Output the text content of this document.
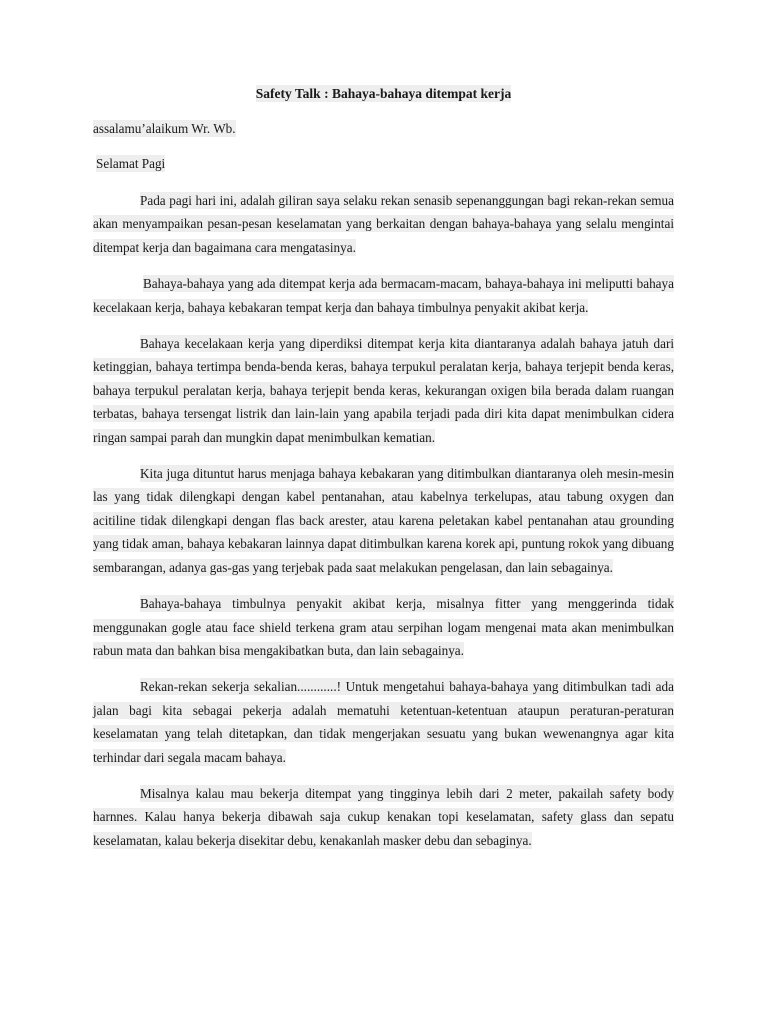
Safety Talk : Bahaya-bahaya ditempat kerja
assalamu’alaikum Wr. Wb.
Selamat Pagi

Pada pagi hari ini, adalah giliran saya selaku rekan senasib sepenanggungan bagi rekan-rekan semua akan menyampaikan pesan-pesan keselamatan yang berkaitan dengan bahaya-bahaya yang selalu mengintai ditempat kerja dan bagaimana cara mengatasinya.

Bahaya-bahaya yang ada ditempat kerja ada bermacam-macam, bahaya-bahaya ini meliputti bahaya kecelakaan kerja, bahaya kebakaran tempat kerja dan bahaya timbulnya penyakit akibat kerja.

Bahaya kecelakaan kerja yang diperdiksi ditempat kerja kita diantaranya adalah bahaya jatuh dari ketinggian, bahaya tertimpa benda-benda keras, bahaya terpukul peralatan kerja, bahaya terjepit benda keras, bahaya terpukul peralatan kerja, bahaya terjepit benda keras, kekurangan oxigen bila berada dalam ruangan terbatas, bahaya tersengat listrik dan lain-lain yang apabila terjadi pada diri kita dapat menimbulkan cidera ringan sampai parah dan mungkin dapat menimbulkan kematian.

Kita juga dituntut harus menjaga bahaya kebakaran yang ditimbulkan diantaranya oleh mesin-mesin las yang tidak dilengkapi dengan kabel pentanahan, atau kabelnya terkelupas, atau tabung oxygen dan acitiline tidak dilengkapi dengan flas back arester, atau karena peletakan kabel pentanahan atau grounding yang tidak aman, bahaya kebakaran lainnya dapat ditimbulkan karena korek api, puntung rokok yang dibuang sembarangan, adanya gas-gas yang terjebak pada saat melakukan pengelasan, dan lain sebagainya.

Bahaya-bahaya timbulnya penyakit akibat kerja, misalnya fitter yang menggerinda tidak menggunakan gogle atau face shield terkena gram atau serpihan logam mengenai mata akan menimbulkan rabun mata dan bahkan bisa mengakibatkan buta, dan lain sebagainya.

Rekan-rekan sekerja sekalian............! Untuk mengetahui bahaya-bahaya yang ditimbulkan tadi ada jalan bagi kita sebagai pekerja adalah mematuhi ketentuan-ketentuan ataupun peraturan-peraturan keselamatan yang telah ditetapkan, dan tidak mengerjakan sesuatu yang bukan wewenangnya agar kita terhindar dari segala macam bahaya.

Misalnya kalau mau bekerja ditempat yang tingginya lebih dari 2 meter, pakailah safety body harnnes. Kalau hanya bekerja dibawah saja cukup kenakan topi keselamatan, safety glass dan sepatu keselamatan, kalau bekerja disekitar debu, kenakanlah masker debu dan sebaginya.
